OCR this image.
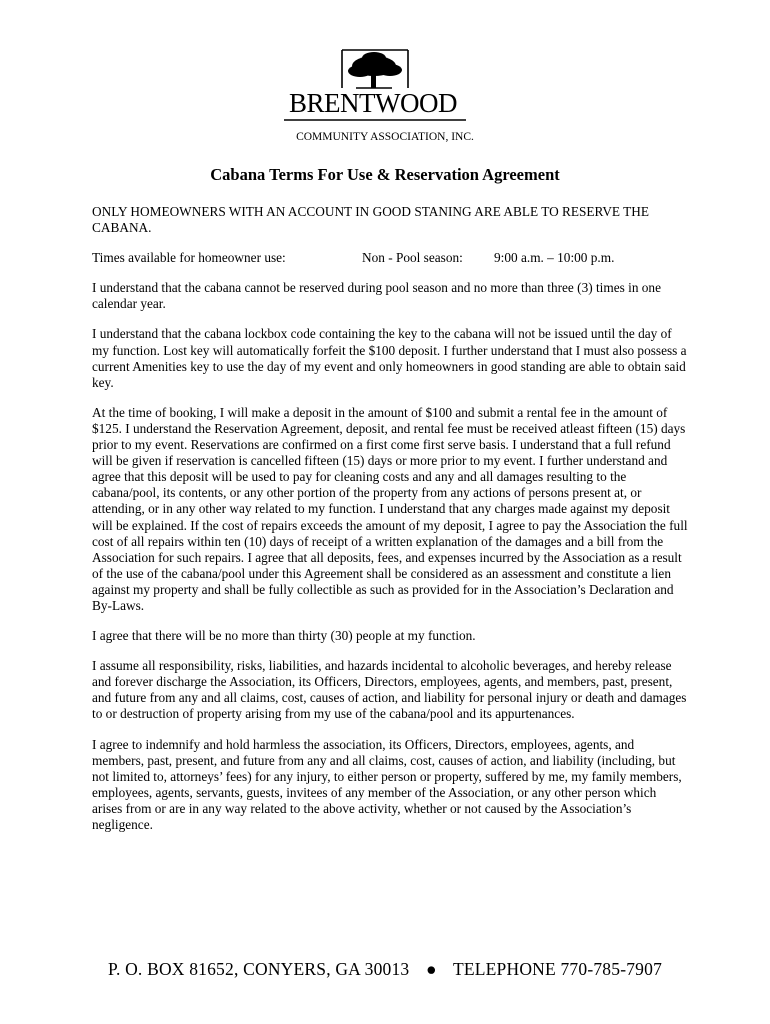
BRENTWOOD
COMMUNITY ASSOCIATION, INC.
Cabana Terms For Use & Reservation Agreement

ONLY HOMEOWNERS WITH AN ACCOUNT IN GOOD STANING ARE ABLE TO RESERVE THE CABANA.

Times available for homeowner use:	Non - Pool season:	9:00 a.m. – 10:00 p.m.

I understand that the cabana cannot be reserved during pool season and no more than three (3) times in one calendar year.

I understand that the cabana lockbox code containing the key to the cabana will not be issued until the day of my function. Lost key will automatically forfeit the $100 deposit. I further understand that I must also possess a current Amenities key to use the day of my event and only homeowners in good standing are able to obtain said key.

At the time of booking, I will make a deposit in the amount of $100 and submit a rental fee in the amount of $125. I understand the Reservation Agreement, deposit, and rental fee must be received atleast fifteen (15) days prior to my event. Reservations are confirmed on a first come first serve basis. I understand that a full refund will be given if reservation is cancelled fifteen (15) days or more prior to my event. I further understand and agree that this deposit will be used to pay for cleaning costs and any and all damages resulting to the cabana/pool, its contents, or any other portion of the property from any actions of persons present at, or attending, or in any other way related to my function. I understand that any charges made against my deposit will be explained. If the cost of repairs exceeds the amount of my deposit, I agree to pay the Association the full cost of all repairs within ten (10) days of receipt of a written explanation of the damages and a bill from the Association for such repairs. I agree that all deposits, fees, and expenses incurred by the Association as a result of the use of the cabana/pool under this Agreement shall be considered as an assessment and constitute a lien against my property and shall be fully collectible as such as provided for in the Association’s Declaration and By-Laws.

I agree that there will be no more than thirty (30) people at my function.

I assume all responsibility, risks, liabilities, and hazards incidental to alcoholic beverages, and hereby release and forever discharge the Association, its Officers, Directors, employees, agents, and members, past, present, and future from any and all claims, cost, causes of action, and liability for personal injury or death and damages to or destruction of property arising from my use of the cabana/pool and its appurtenances.

I agree to indemnify and hold harmless the association, its Officers, Directors, employees, agents, and members, past, present, and future from any and all claims, cost, causes of action, and liability (including, but not limited to, attorneys’ fees) for any injury, to either person or property, suffered by me, my family members, employees, agents, servants, guests, invitees of any member of the Association, or any other person which arises from or are in any way related to the above activity, whether or not caused by the Association’s negligence.

P. O. BOX 81652, CONYERS, GA 30013 ● TELEPHONE 770-785-7907
